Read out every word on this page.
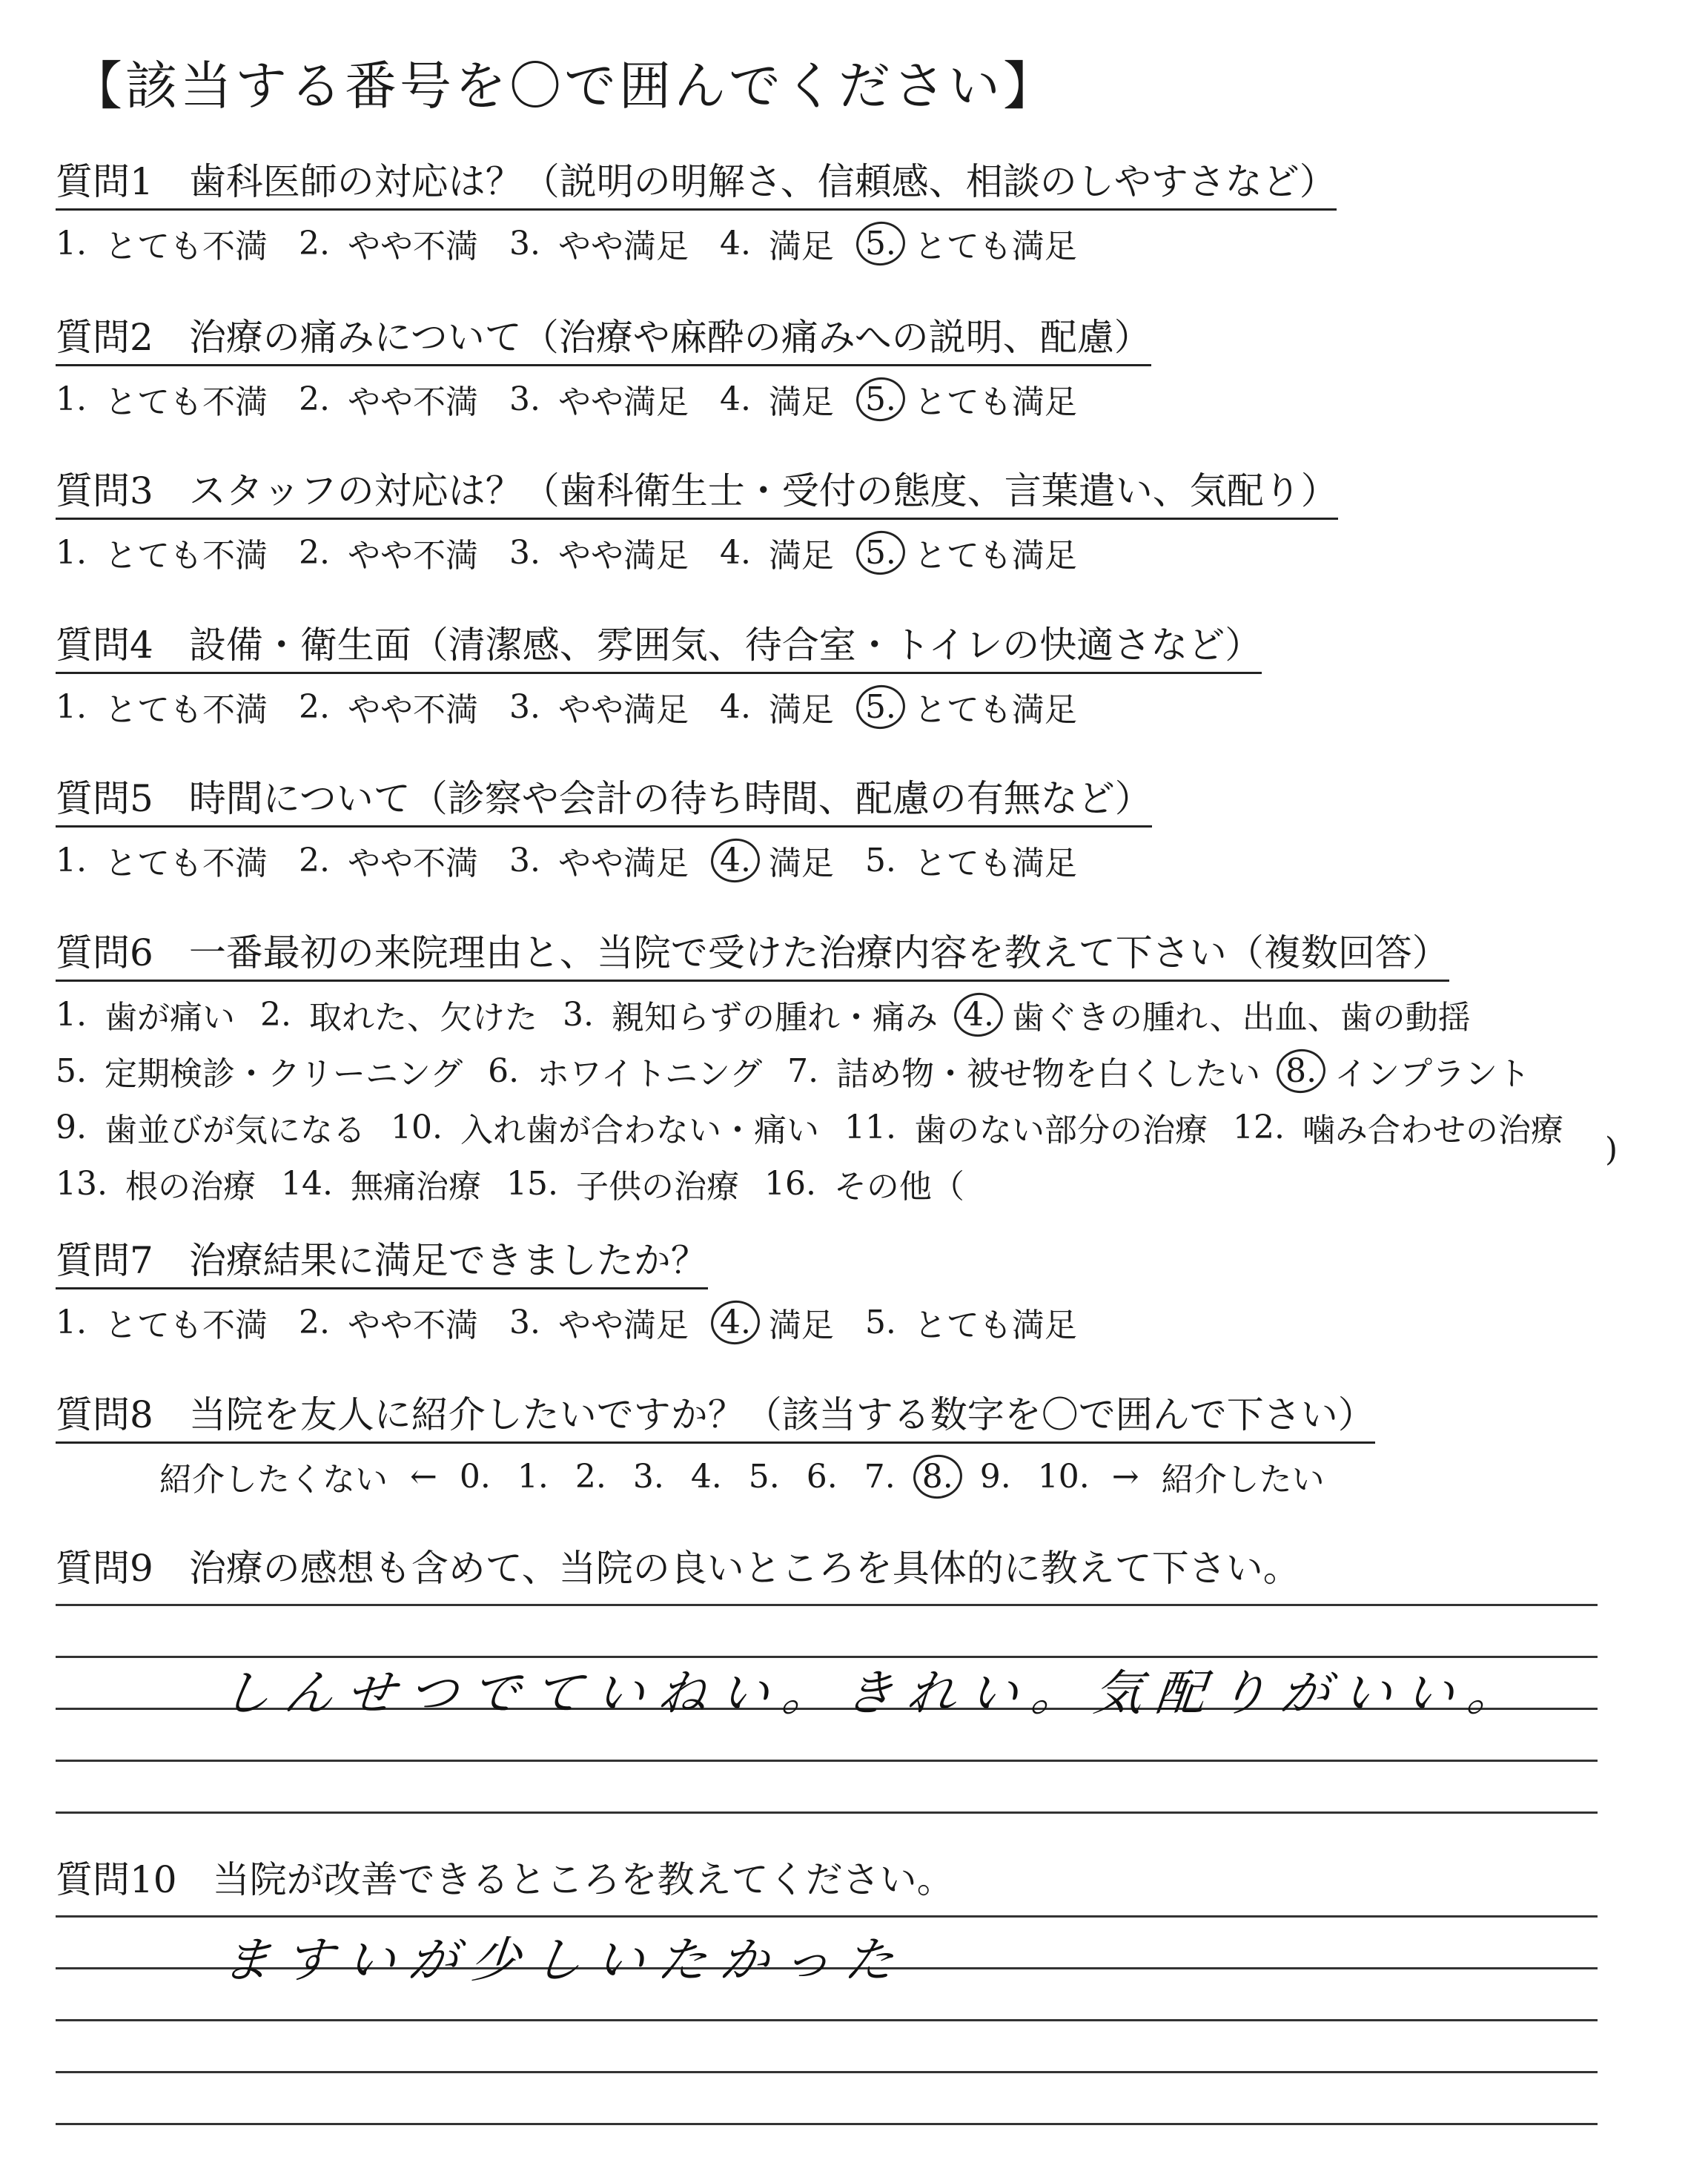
【該当する番号を〇で囲んでください】
質問1 歯科医師の対応は？（説明の明解さ、信頼感、相談のしやすさなど）
1. とても不満 2. やや不満 3. やや満足 4. 満足 5. とても満足
質問2 治療の痛みについて（治療や麻酔の痛みへの説明、配慮）
1. とても不満 2. やや不満 3. やや満足 4. 満足 5. とても満足
質問3 スタッフの対応は？（歯科衛生士・受付の態度、言葉遣い、気配り）
1. とても不満 2. やや不満 3. やや満足 4. 満足 5. とても満足
質問4 設備・衛生面（清潔感、雰囲気、待合室・トイレの快適さなど）
1. とても不満 2. やや不満 3. やや満足 4. 満足 5. とても満足
質問5 時間について（診察や会計の待ち時間、配慮の有無など）
1. とても不満 2. やや不満 3. やや満足 4. 満足 5. とても満足
質問6 一番最初の来院理由と、当院で受けた治療内容を教えて下さい（複数回答）
1. 歯が痛い 2. 取れた、欠けた 3. 親知らずの腫れ・痛み 4. 歯ぐきの腫れ、出血、歯の動揺
5. 定期検診・クリーニング 6. ホワイトニング 7. 詰め物・被せ物を白くしたい 8. インプラント
9. 歯並びが気になる 10. 入れ歯が合わない・痛い 11. 歯のない部分の治療 12. 噛み合わせの治療
13. 根の治療 14. 無痛治療 15. 子供の治療 16. その他（
)
質問7 治療結果に満足できましたか？
1. とても不満 2. やや不満 3. やや満足 4. 満足 5. とても満足
質問8 当院を友人に紹介したいですか？（該当する数字を〇で囲んで下さい）
紹介したくない ← 0. 1. 2. 3. 4. 5. 6. 7. 8. 9. 10. → 紹介したい
質問9 治療の感想も含めて、当院の良いところを具体的に教えて下さい。
しんせつでていねい。きれい。気配りがいい。
質問10 当院が改善できるところを教えてください。
ますいが少しいたかった
